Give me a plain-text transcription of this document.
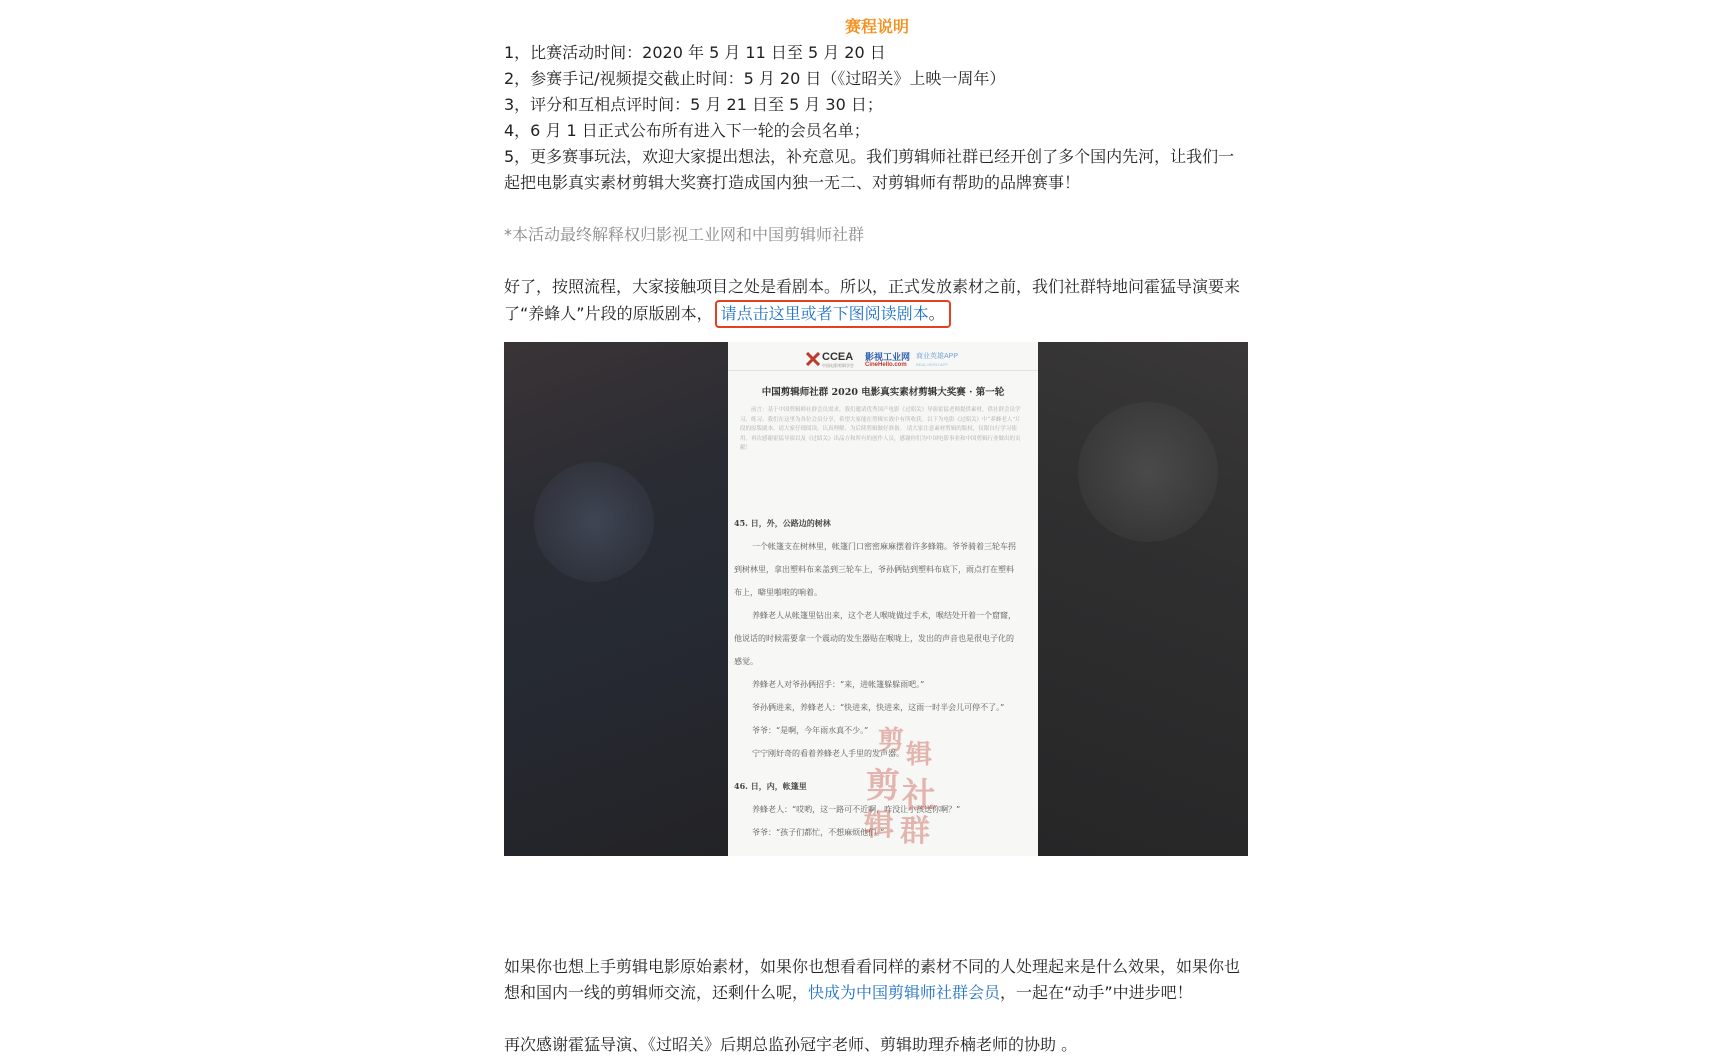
赛程说明
1，比赛活动时间：2020 年 5 月 11 日至 5 月 20 日
2，参赛手记/视频提交截止时间：5 月 20 日（《过昭关》上映一周年）
3，评分和互相点评时间：5 月 21 日至 5 月 30 日；
4，6 月 1 日正式公布所有进入下一轮的会员名单；
5，更多赛事玩法，欢迎大家提出想法，补充意见。我们剪辑师社群已经开创了多个国内先河，让我们一起把电影真实素材剪辑大奖赛打造成国内独一无二、对剪辑师有帮助的品牌赛事！
*本活动最终解释权归影视工业网和中国剪辑师社群
好了，按照流程，大家接触项目之处是看剧本。所以，正式发放素材之前，我们社群特地问霍猛导演要来了“养蜂人”片段的原版剧本， 请点击这里或者下图阅读剧本。
CCEA
中国电影剪辑学会
影视工业网
CineHello.com
商业英雄APP
REAL HERO APP
中国剪辑师社群 2020 电影真实素材剪辑大奖赛 · 第一轮
前言：基于中国剪辑师社群会员需求，我们邀请优秀国产电影《过昭关》导演霍猛老师提供素材，供社群会员学习、练习。我们在这里为各位会员分享，希望大家能在剪辑实战中有所收获。以下为电影《过昭关》中“养蜂老人”片段的原版剧本，请大家仔细阅读，认真理解，为后续剪辑做好准备。 请大家注意素材剪辑的版权，仅限自行学习使用。再次感谢霍猛导演以及《过昭关》出品方和所有的创作人员，感谢你们为中国电影事业和中国剪辑行业做出的贡献！
45. 日，外，公路边的树林
一个帐篷支在树林里，帐篷门口密密麻麻摆着许多蜂箱。爷爷骑着三轮车拐
到树林里，拿出塑料布来盖到三轮车上，爷孙俩钻到塑料布底下，雨点打在塑料
布上，噼里啪啦的响着。
养蜂老人从帐篷里钻出来，这个老人喉咙做过手术，喉结处开着一个窟窿，
他说话的时候需要拿一个震动的发生器贴在喉咙上，发出的声音也是很电子化的
感觉。
养蜂老人对爷孙俩招手：“来，进帐篷躲躲雨吧。”
爷孙俩进来，养蜂老人：“快进来，快进来，这雨一时半会儿可停不了。”
爷爷：“是啊，今年雨水真不少。”
宁宁刚好奇的看着养蜂老人手里的发声器。
46. 日，内，帐篷里
养蜂老人：“哎哟，这一路可不近啊，咋没让小孩送你啊？”
爷爷：“孩子们都忙，不想麻烦他们。”
剪 辑
剪 社
辑 群
如果你也想上手剪辑电影原始素材，如果你也想看看同样的素材不同的人处理起来是什么效果，如果你也想和国内一线的剪辑师交流，还剩什么呢，快成为中国剪辑师社群会员，一起在“动手”中进步吧！
再次感谢霍猛导演、《过昭关》后期总监孙冠宇老师、剪辑助理乔楠老师的协助 。
